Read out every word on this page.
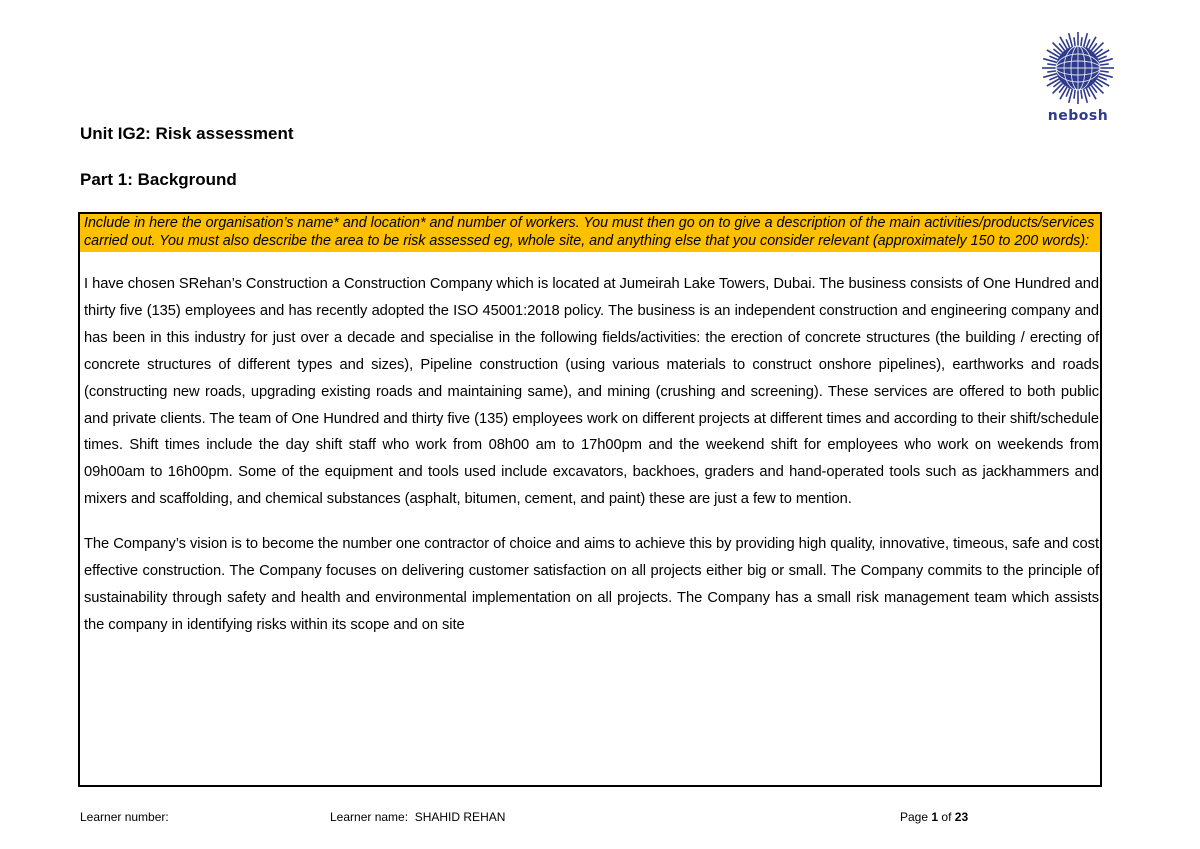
nebosh
Unit IG2: Risk assessment
Part 1: Background

Include in here the organisation’s name* and location* and number of workers. You must then go on to give a description of the main activities/products/services carried out. You must also describe the area to be risk assessed eg, whole site, and anything else that you consider relevant (approximately 150 to 200 words):

I have chosen SRehan’s Construction a Construction Company which is located at Jumeirah Lake Towers, Dubai. The business consists of One Hundred and thirty five (135) employees and has recently adopted the ISO 45001:2018 policy. The business is an independent construction and engineering company and has been in this industry for just over a decade and specialise in the following fields/activities: the erection of concrete structures (the building / erecting of concrete structures of different types and sizes), Pipeline construction (using various materials to construct onshore pipelines), earthworks and roads (constructing new roads, upgrading existing roads and maintaining same), and mining (crushing and screening). These services are offered to both public and private clients. The team of One Hundred and thirty five (135) employees work on different projects at different times and according to their shift/schedule times. Shift times include the day shift staff who work from 08h00 am to 17h00pm and the weekend shift for employees who work on weekends from 09h00am to 16h00pm. Some of the equipment and tools used include excavators, backhoes, graders and hand-operated tools such as jackhammers and mixers and scaffolding, and chemical substances (asphalt, bitumen, cement, and paint) these are just a few to mention.

The Company’s vision is to become the number one contractor of choice and aims to achieve this by providing high quality, innovative, timeous, safe and cost effective construction. The Company focuses on delivering customer satisfaction on all projects either big or small. The Company commits to the principle of sustainability through safety and health and environmental implementation on all projects. The Company has a small risk management team which assists the company in identifying risks within its scope and on site

Learner number:	Learner name: SHAHID REHAN	Page 1 of 23
